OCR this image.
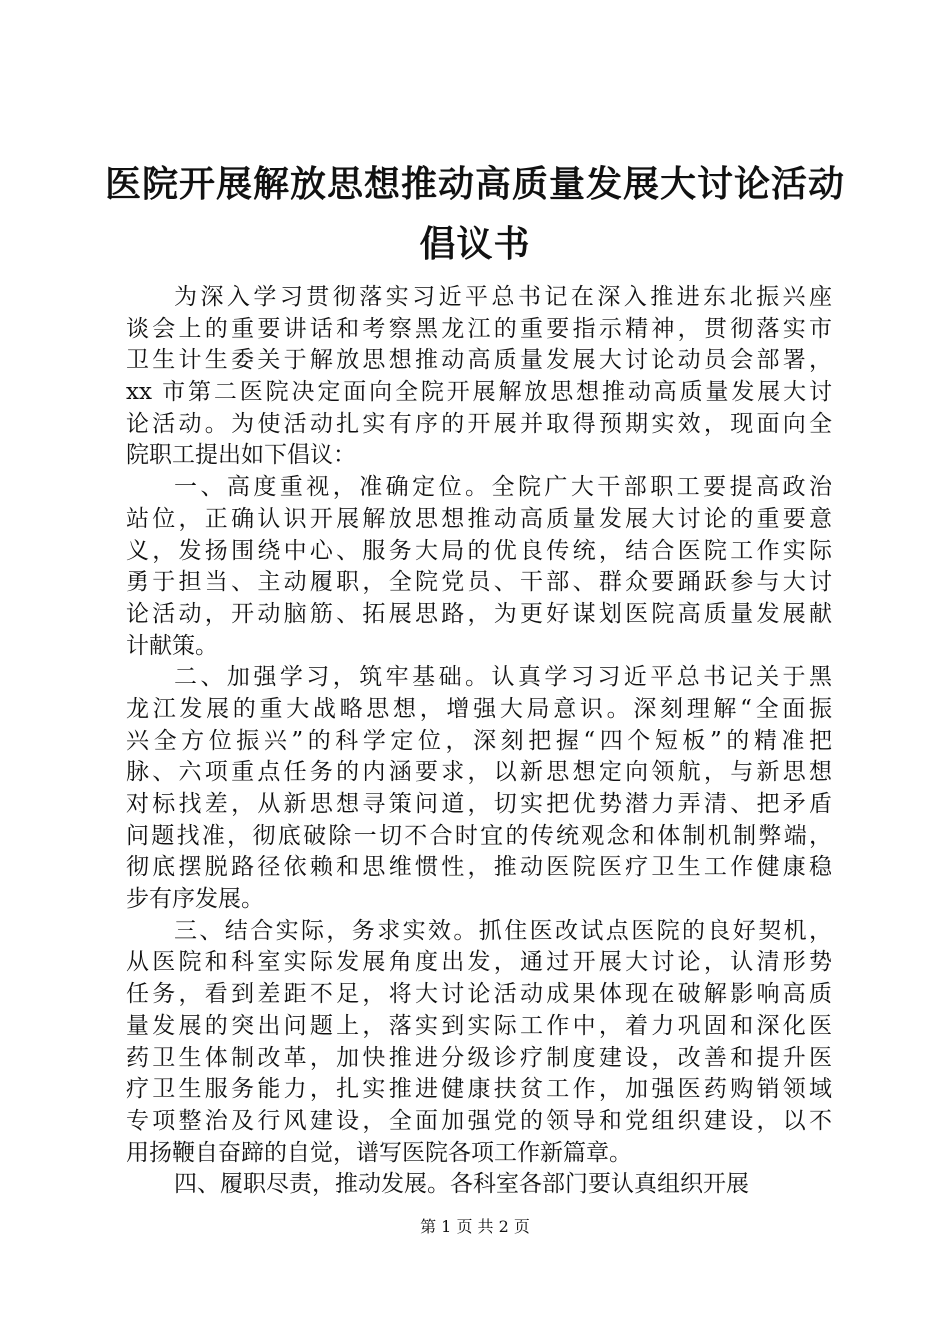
医院开展解放思想推动高质量发展大讨论活动
倡议书
为深入学习贯彻落实习近平总书记在深入推进东北振兴座
谈会上的重要讲话和考察黑龙江的重要指示精神，贯彻落实市
卫生计生委关于解放思想推动高质量发展大讨论动员会部署，
xx 市第二医院决定面向全院开展解放思想推动高质量发展大讨
论活动。为使活动扎实有序的开展并取得预期实效，现面向全
院职工提出如下倡议：
一、高度重视，准确定位。全院广大干部职工要提高政治
站位，正确认识开展解放思想推动高质量发展大讨论的重要意
义，发扬围绕中心、服务大局的优良传统，结合医院工作实际
勇于担当、主动履职，全院党员、干部、群众要踊跃参与大讨
论活动，开动脑筋、拓展思路，为更好谋划医院高质量发展献
计献策。
二、加强学习，筑牢基础。认真学习习近平总书记关于黑
龙江发展的重大战略思想，增强大局意识。深刻理解“全面振
兴全方位振兴”的科学定位，深刻把握“四个短板”的精准把
脉、六项重点任务的内涵要求，以新思想定向领航，与新思想
对标找差，从新思想寻策问道，切实把优势潜力弄清、把矛盾
问题找准，彻底破除一切不合时宜的传统观念和体制机制弊端，
彻底摆脱路径依赖和思维惯性，推动医院医疗卫生工作健康稳
步有序发展。
三、结合实际，务求实效。抓住医改试点医院的良好契机，
从医院和科室实际发展角度出发，通过开展大讨论，认清形势
任务，看到差距不足，将大讨论活动成果体现在破解影响高质
量发展的突出问题上，落实到实际工作中，着力巩固和深化医
药卫生体制改革，加快推进分级诊疗制度建设，改善和提升医
疗卫生服务能力，扎实推进健康扶贫工作，加强医药购销领域
专项整治及行风建设，全面加强党的领导和党组织建设，以不
用扬鞭自奋蹄的自觉，谱写医院各项工作新篇章。
四、履职尽责，推动发展。各科室各部门要认真组织开展
第 1 页 共 2 页
